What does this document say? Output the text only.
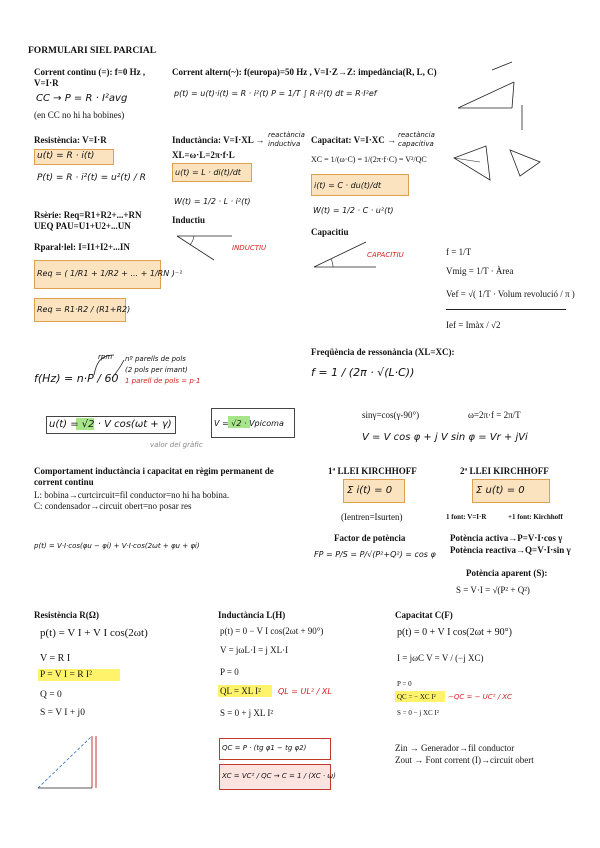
FORMULARI SIEL PARCIAL
Corrent continu (=): f=0 Hz ,
V=I·R
CC → P = R · I²avg
(en CC no hi ha bobines)
Resistència: V=I·R
u(t) = R · i(t)
P(t) = R · i²(t) = u²(t) / R
Rsèrie: Req=R1+R2+...+RN
UEQ PAU=U1+U2+...UN
Rparal·lel: I=I1+I2+...IN
Req = ( 1/R1 + 1/R2 + ... + 1/RN )⁻¹
Req = R1·R2 / (R1+R2)
f(Hz) = n·P / 60
rpm nº parells de pols
(2 pols per imant)
1 parell de pols = p·1
u(t) = √2 · V cos(ωt + γ)
valor del gràfic
V = √2 · Vpicoma
Corrent altern(~): f(europa)=50 Hz , V=I·Z→Z: impedància(R, L, C)
p(t) = u(t)·i(t) = R · i²(t) P = 1/T ∫ R·i²(t) dt = R·I²ef
Inductància: V=I·XL → reactància
inductiva
XL=ω·L=2π·f·L
u(t) = L · di(t)/dt
W(t) = 1/2 · L · i²(t)
Inductiu
INDUCTIU
Capacitat: V=I·XC → reactància
capacitiva
XC = 1/(ω·C) = 1/(2π·f·C) = V²/QC
i(t) = C · du(t)/dt
W(t) = 1/2 · C · u²(t)
Capacitiu
CAPACITIU	f = 1/T
Vmig = 1/T · Àrea
Vef = √( 1/T · Volum revolució / π )
Ief = Imàx / √2
Freqüència de ressonància (XL=XC):
f = 1 / (2π · √(L·C))
sinγ=cos(γ-90°)	ω=2π·f = 2π/T
V = V cos φ + j V sin φ = Vr + jVi
Comportament inductància i capacitat en règim permanent de corrent continu
L: bobina→curtcircuit=fil conductor=no hi ha bobina.
C: condensador→circuit obert=no posar res
1ª LLEI KIRCHHOFF
Σ i(t) = 0
(Ientren=Isurten)
2ª LLEI KIRCHHOFF
Σ u(t) = 0
1 font: V=I·R	+1 font: Kirchhoff
p(t) = V·I·cos(φu − φi) + V·I·cos(2ωt + φu + φi)
Factor de potència
FP = P/S = P/√(P²+Q²) = cos φ
Potència activa→P=V·I·cos γ
Potència reactiva→Q=V·I·sin γ
Potència aparent (S):
S = V·I = √(P² + Q²)
Resistència R(Ω)
p(t) = V I + V I cos(2ωt)
V = R I
P = V I = R I²
Q = 0
S = V I + j0
Inductància L(H)
p(t) = 0 − V I cos(2ωt + 90°)
V = jωL·I = j XL·I
P = 0
QL = XL I² QL = UL² / XL
S = 0 + j XL I²
Capacitat C(F)
p(t) = 0 + V I cos(2ωt + 90°)
I = jωC V = V / (−j XC)
P = 0
QC = − XC I² −QC = − UC² / XC
S = 0 − j XC I²
QC = P · (tg φ1 − tg φ2)
XC = VC² / QC → C = 1 / (XC · ω)
Zin → Generador→fil conductor
Zout → Font corrent (I)→circuit obert
